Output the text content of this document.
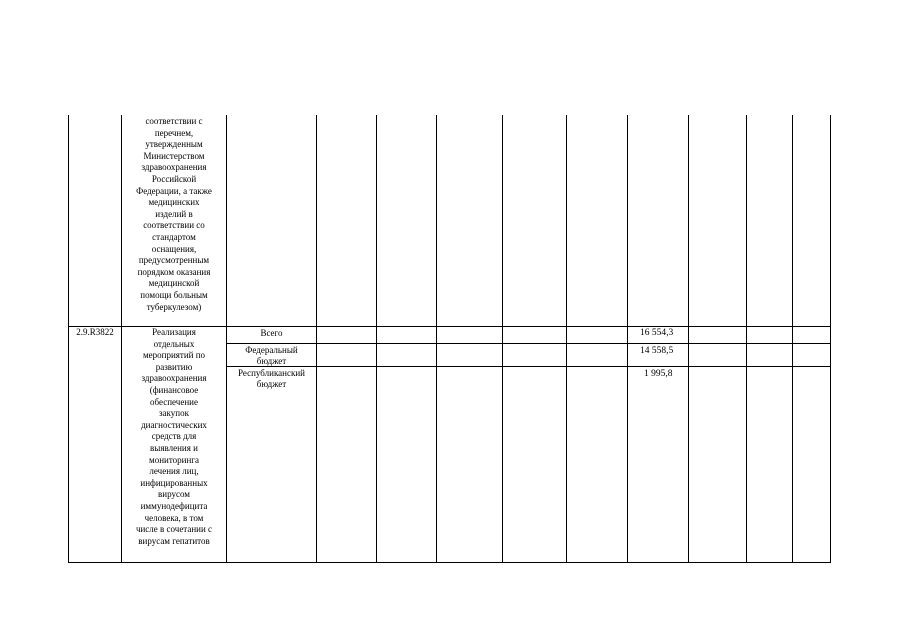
соответствии с
перечнем,
утвержденным
Министерством
здравоохранения
Российской
Федерации, а также
медицинских
изделий в
соответствии со
стандартом
оснащения,
предусмотренным
порядком оказания
медицинской
помощи больным
туберкулезом)
2.9.R3822	Реализация
отдельных
мероприятий по
развитию
здравоохранения
(финансовое
обеспечение
закупок
диагностических
средств для
выявления и
мониторинга
лечения лиц,
инфицированных
вирусом
иммунодефицита
человека, в том
числе в сочетании с
вирусам гепатитов
Всего	16 554,3
Федеральный
бюджет
14 558,5
Республиканский
бюджет
1 995,8
